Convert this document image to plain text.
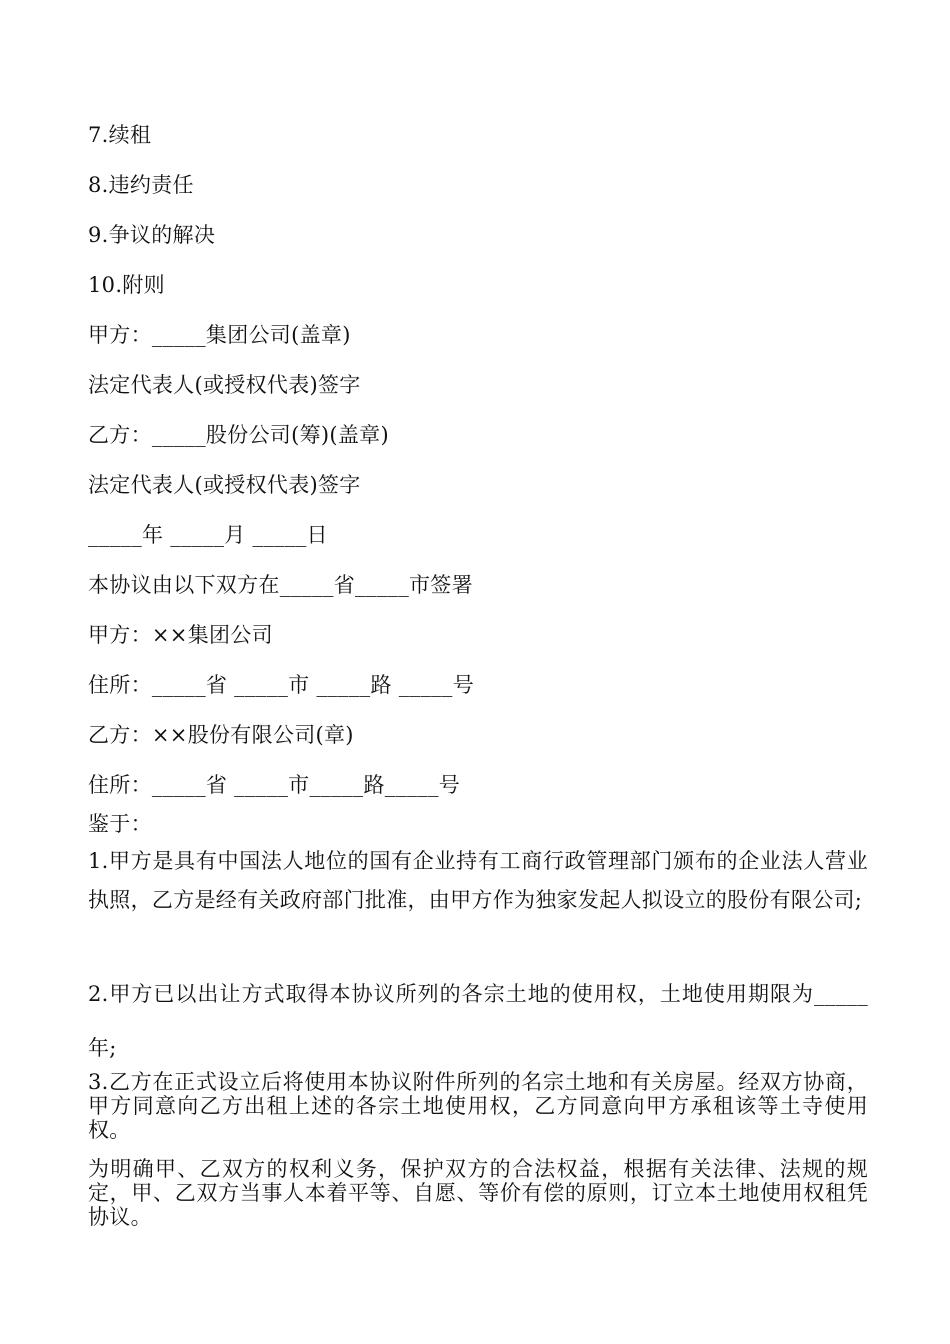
7.续租
8.违约责任
9.争议的解决
10.附则
甲方：_____集团公司(盖章)
法定代表人(或授权代表)签字
乙方：_____股份公司(筹)(盖章)
法定代表人(或授权代表)签字
_____年 _____月 _____日
本协议由以下双方在_____省_____市签署
甲方：××集团公司
住所：_____省 _____市 _____路 _____号
乙方：××股份有限公司(章)
住所：_____省 _____市_____路_____号
鉴于：
1.甲方是具有中国法人地位的国有企业持有工商行政管理部门颁布的企业法人营业执照，乙方是经有关政府部门批准，由甲方作为独家发起人拟设立的股份有限公司;
2.甲方已以出让方式取得本协议所列的各宗土地的使用权，土地使用期限为_____年;
3.乙方在正式设立后将使用本协议附件所列的名宗土地和有关房屋。经双方协商，甲方同意向乙方出租上述的各宗土地使用权，乙方同意向甲方承租该等土寺使用权。
为明确甲、乙双方的权利义务，保护双方的合法权益，根据有关法律、法规的规定，甲、乙双方当事人本着平等、自愿、等价有偿的原则，订立本土地使用权租凭协议。
